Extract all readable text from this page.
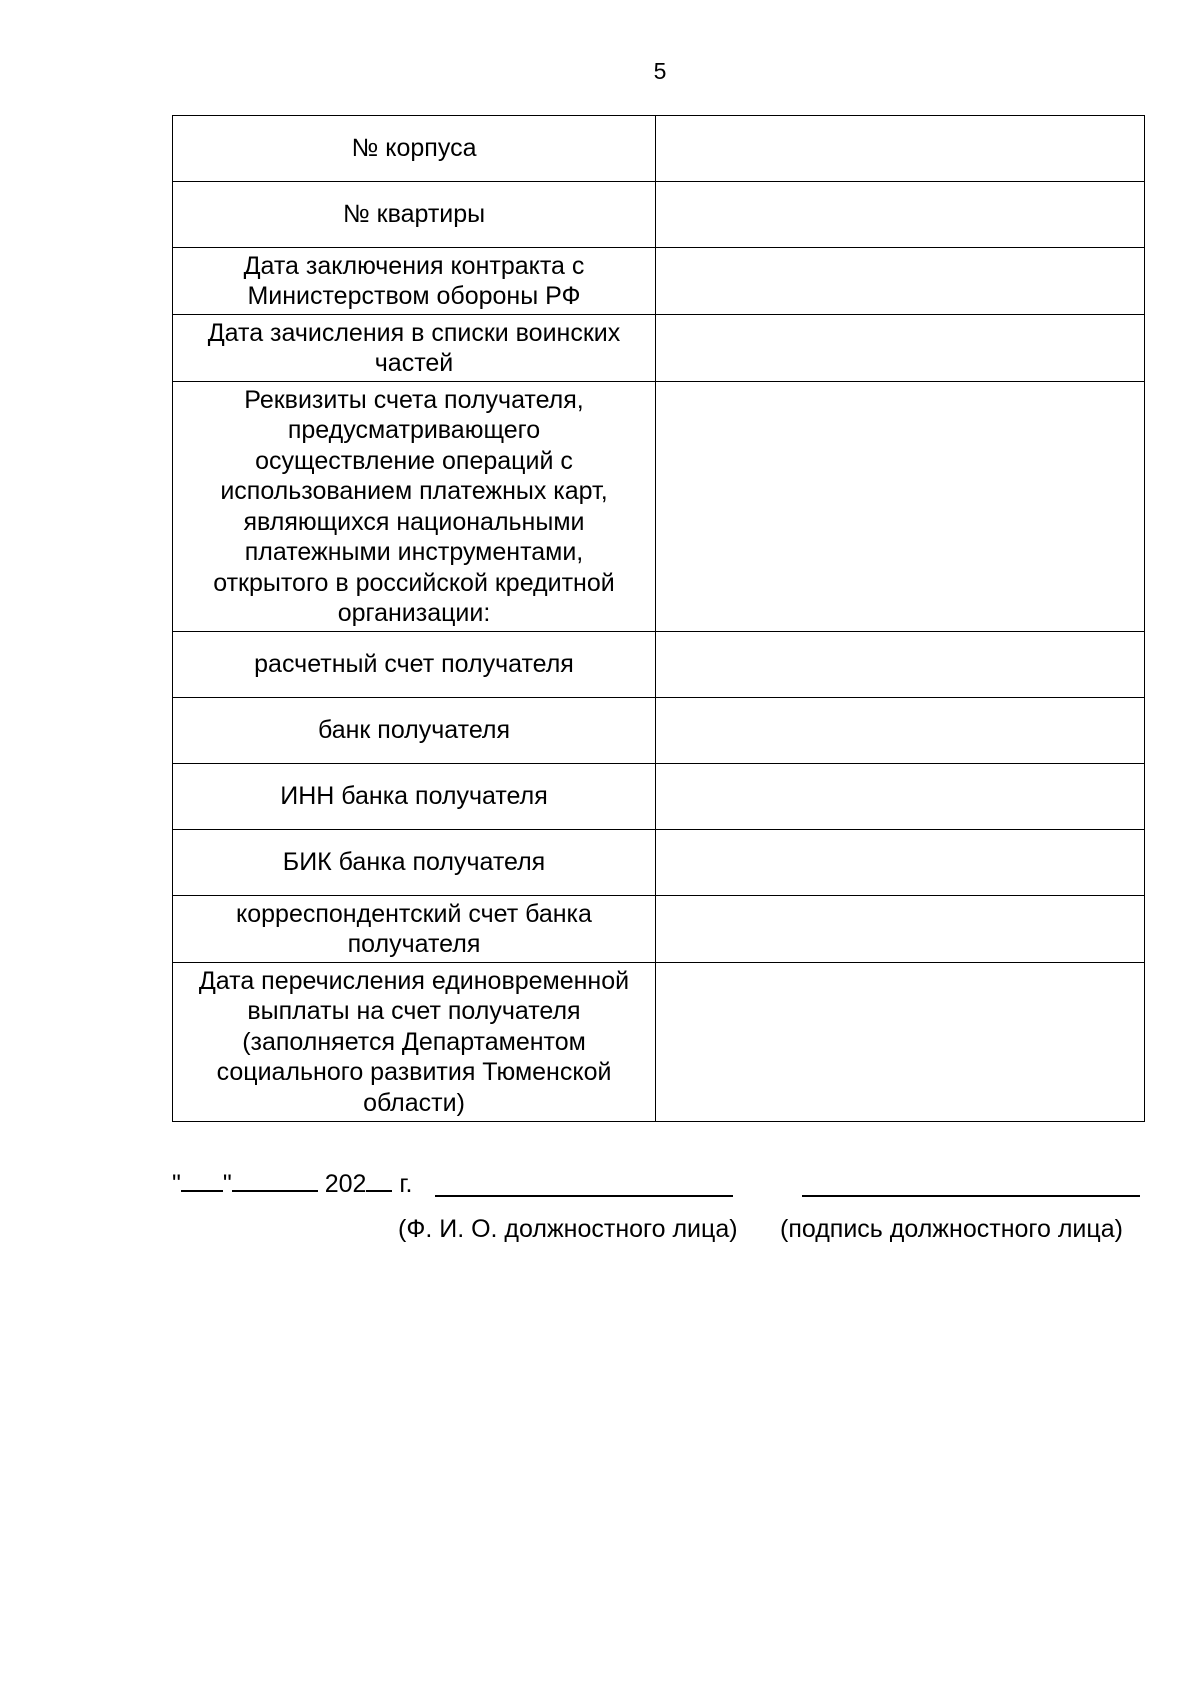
5
№ корпуса	
№ квартиры	
Дата заключения контракта с Министерством обороны РФ	
Дата зачисления в списки воинских частей	
Реквизиты счета получателя, предусматривающего осуществление операций с использованием платежных карт, являющихся национальными платежными инструментами, открытого в российской кредитной организации:	
расчетный счет получателя	
банк получателя	
ИНН банка получателя	
БИК банка получателя	
корреспондентский счет банка получателя	
Дата перечисления единовременной выплаты на счет получателя (заполняется Департаментом социального развития Тюменской области)	
" "	202 г.
(Ф. И. О. должностного лица) (подпись должностного лица)
